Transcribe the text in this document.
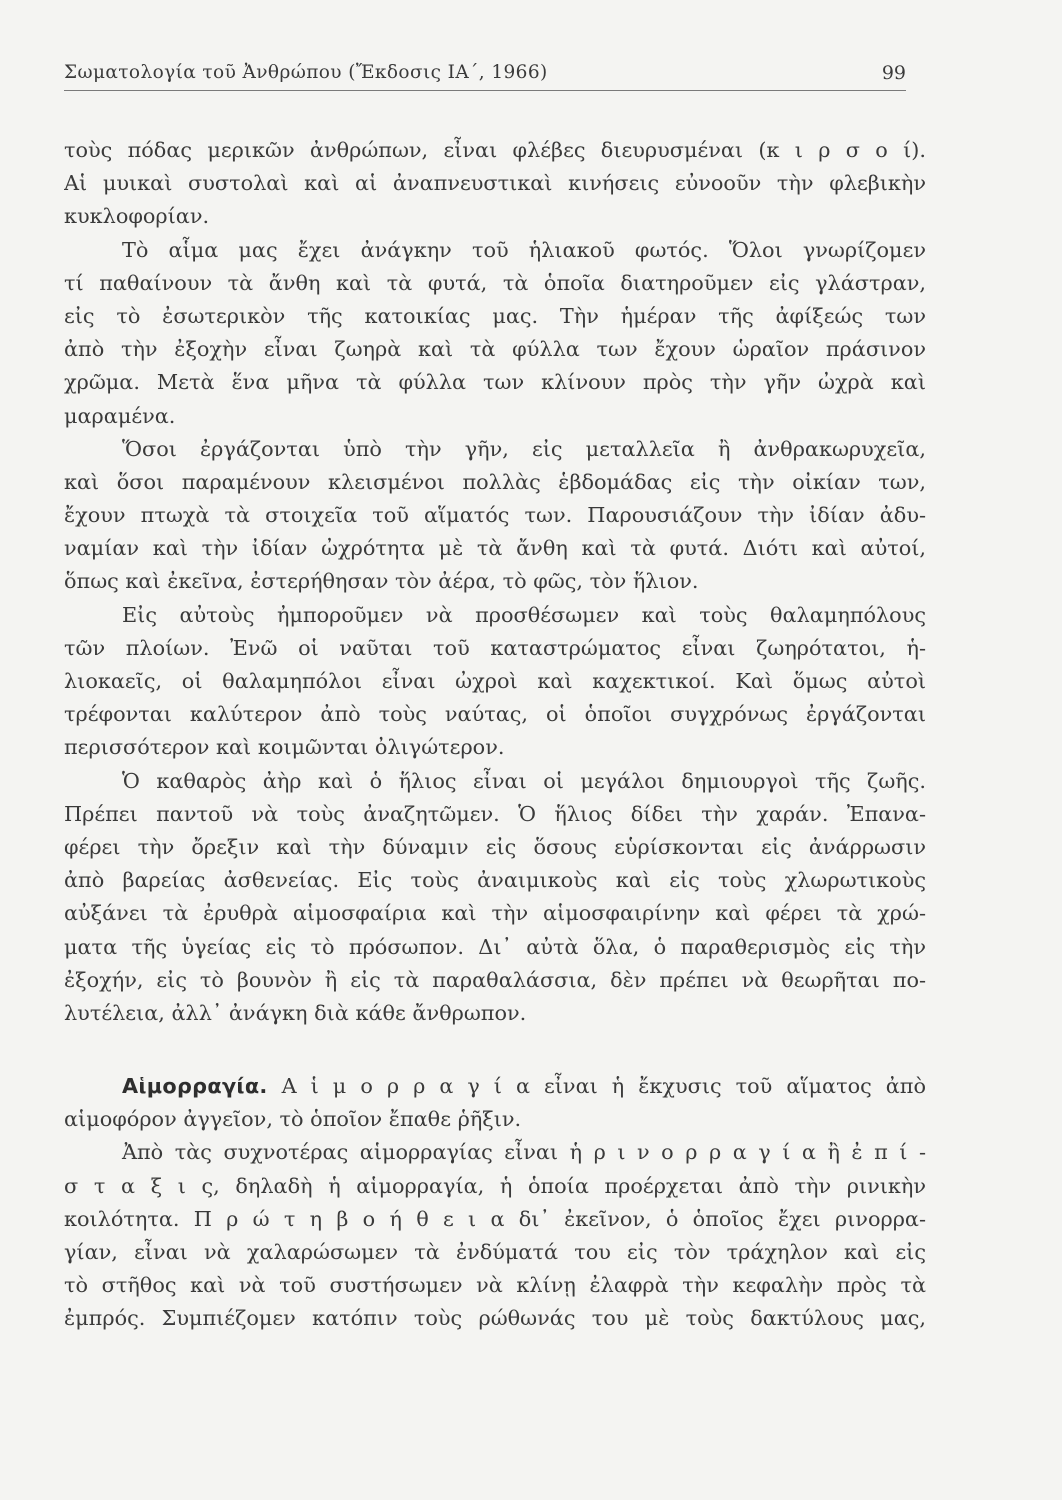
Σωματολογία τοῦ Ἀνθρώπου (Ἔκδοσις ΙΑ΄, 1966)	99
τοὺς πόδας μερικῶν ἀνθρώπων, εἶναι φλέβες διευρυσμέναι (κ ι ρ σ ο ί).
Αἱ μυικαὶ συστολαὶ καὶ αἱ ἀναπνευστικαὶ κινήσεις εὐνοοῦν τὴν φλεβικὴν
κυκλοφορίαν.
Τὸ αἷμα μας ἔχει ἀνάγκην τοῦ ἡλιακοῦ φωτός. Ὅλοι γνωρίζομεν
τί παθαίνουν τὰ ἄνθη καὶ τὰ φυτά, τὰ ὁποῖα διατηροῦμεν εἰς γλάστραν,
εἰς τὸ ἐσωτερικὸν τῆς κατοικίας μας. Τὴν ἡμέραν τῆς ἀφίξεώς των
ἀπὸ τὴν ἐξοχὴν εἶναι ζωηρὰ καὶ τὰ φύλλα των ἔχουν ὡραῖον πράσινον
χρῶμα. Μετὰ ἕνα μῆνα τὰ φύλλα των κλίνουν πρὸς τὴν γῆν ὠχρὰ καὶ
μαραμένα.
Ὅσοι ἐργάζονται ὑπὸ τὴν γῆν, εἰς μεταλλεῖα ἢ ἀνθρακωρυχεῖα,
καὶ ὅσοι παραμένουν κλεισμένοι πολλὰς ἑβδομάδας εἰς τὴν οἰκίαν των,
ἔχουν πτωχὰ τὰ στοιχεῖα τοῦ αἵματός των. Παρουσιάζουν τὴν ἰδίαν ἀδυ-
ναμίαν καὶ τὴν ἰδίαν ὠχρότητα μὲ τὰ ἄνθη καὶ τὰ φυτά. Διότι καὶ αὐτοί,
ὅπως καὶ ἐκεῖνα, ἐστερήθησαν τὸν ἀέρα, τὸ φῶς, τὸν ἥλιον.
Εἰς αὐτοὺς ἠμποροῦμεν νὰ προσθέσωμεν καὶ τοὺς θαλαμηπόλους
τῶν πλοίων. Ἐνῶ οἱ ναῦται τοῦ καταστρώματος εἶναι ζωηρότατοι, ἡ-
λιοκαεῖς, οἱ θαλαμηπόλοι εἶναι ὠχροὶ καὶ καχεκτικοί. Καὶ ὅμως αὐτοὶ
τρέφονται καλύτερον ἀπὸ τοὺς ναύτας, οἱ ὁποῖοι συγχρόνως ἐργάζονται
περισσότερον καὶ κοιμῶνται ὀλιγώτερον.
Ὁ καθαρὸς ἀὴρ καὶ ὁ ἥλιος εἶναι οἱ μεγάλοι δημιουργοὶ τῆς ζωῆς.
Πρέπει παντοῦ νὰ τοὺς ἀναζητῶμεν. Ὁ ἥλιος δίδει τὴν χαράν. Ἐπανα-
φέρει τὴν ὄρεξιν καὶ τὴν δύναμιν εἰς ὅσους εὑρίσκονται εἰς ἀνάρρωσιν
ἀπὸ βαρείας ἀσθενείας. Εἰς τοὺς ἀναιμικοὺς καὶ εἰς τοὺς χλωρωτικοὺς
αὐξάνει τὰ ἐρυθρὰ αἱμοσφαίρια καὶ τὴν αἱμοσφαιρίνην καὶ φέρει τὰ χρώ-
ματα τῆς ὑγείας εἰς τὸ πρόσωπον. Δι᾿ αὐτὰ ὅλα, ὁ παραθερισμὸς εἰς τὴν
ἐξοχήν, εἰς τὸ βουνὸν ἢ εἰς τὰ παραθαλάσσια, δὲν πρέπει νὰ θεωρῆται πο-
λυτέλεια, ἀλλ᾿ ἀνάγκη διὰ κάθε ἄνθρωπον.
Αἱμορραγία. Α ἱ μ ο ρ ρ α γ ί α εἶναι ἡ ἔκχυσις τοῦ αἵματος ἀπὸ
αἱμοφόρον ἀγγεῖον, τὸ ὁποῖον ἔπαθε ῥῆξιν.
Ἀπὸ τὰς συχνοτέρας αἱμορραγίας εἶναι ἡ ρ ι ν ο ρ ρ α γ ί α ἢ ἐ π ί -
σ τ α ξ ι ς, δηλαδὴ ἡ αἱμορραγία, ἡ ὁποία προέρχεται ἀπὸ τὴν ρινικὴν
κοιλότητα. Π ρ ώ τ η β ο ή θ ε ι α δι᾿ ἐκεῖνον, ὁ ὁποῖος ἔχει ρινορρα-
γίαν, εἶναι νὰ χαλαρώσωμεν τὰ ἐνδύματά του εἰς τὸν τράχηλον καὶ εἰς
τὸ στῆθος καὶ νὰ τοῦ συστήσωμεν νὰ κλίνῃ ἐλαφρὰ τὴν κεφαλὴν πρὸς τὰ
ἐμπρός. Συμπιέζομεν κατόπιν τοὺς ρώθωνάς του μὲ τοὺς δακτύλους μας,
